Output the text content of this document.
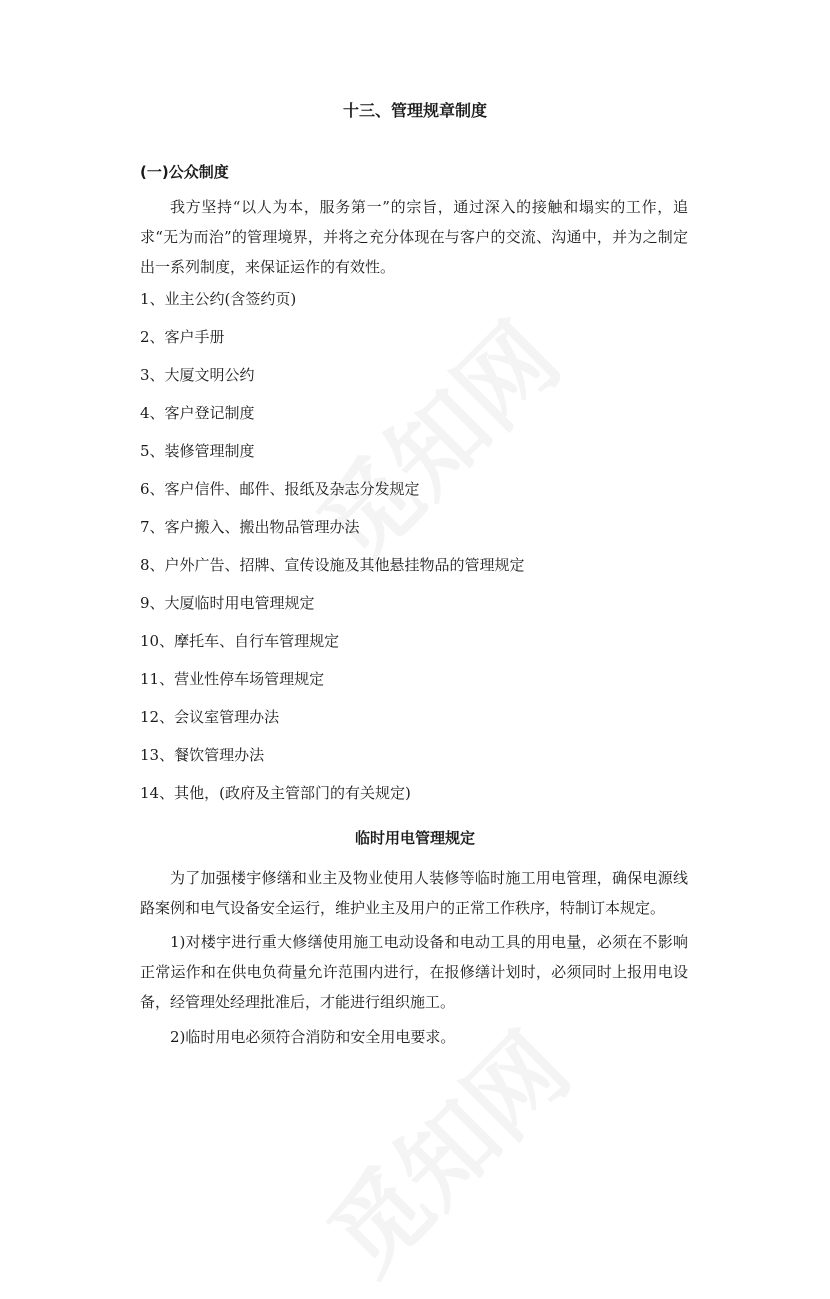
十三、管理规章制度
(一)公众制度
我方坚持“以人为本，服务第一”的宗旨，通过深入的接触和塌实的工作，追求“无为而治”的管理境界，并将之充分体现在与客户的交流、沟通中，并为之制定出一系列制度，来保证运作的有效性。
1、业主公约(含签约页)
2、客户手册
3、大厦文明公约
4、客户登记制度
5、装修管理制度
6、客户信件、邮件、报纸及杂志分发规定
7、客户搬入、搬出物品管理办法
8、户外广告、招牌、宣传设施及其他悬挂物品的管理规定
9、大厦临时用电管理规定
10、摩托车、自行车管理规定
11、营业性停车场管理规定
12、会议室管理办法
13、餐饮管理办法
14、其他，(政府及主管部门的有关规定)
临时用电管理规定
为了加强楼宇修缮和业主及物业使用人装修等临时施工用电管理，确保电源线路案例和电气设备安全运行，维护业主及用户的正常工作秩序，特制订本规定。
1)对楼宇进行重大修缮使用施工电动设备和电动工具的用电量，必须在不影响正常运作和在供电负荷量允许范围内进行，在报修缮计划时，必须同时上报用电设备，经管理处经理批准后，才能进行组织施工。
2)临时用电必须符合消防和安全用电要求。
